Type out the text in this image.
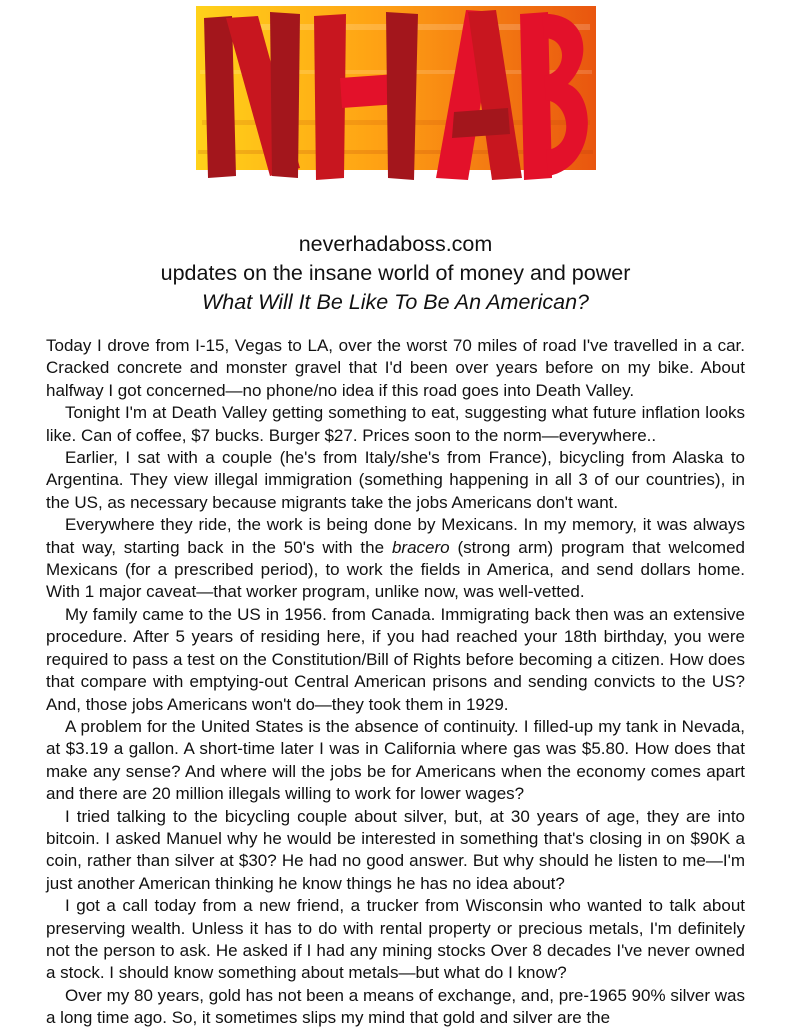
neverhadaboss.com
updates on the insane world of money and power
What Will It Be Like To Be An American?

Today I drove from I-15, Vegas to LA, over the worst 70 miles of road I've travelled in a car. Cracked concrete and monster gravel that I'd been over years before on my bike. About halfway I got concerned—no phone/no idea if this road goes into Death Valley.

Tonight I'm at Death Valley getting something to eat, suggesting what future inflation looks like. Can of coffee, $7 bucks. Burger $27. Prices soon to the norm—everywhere..

Earlier, I sat with a couple (he's from Italy/she's from France), bicycling from Alaska to Argentina. They view illegal immigration (something happening in all 3 of our countries), in the US, as necessary because migrants take the jobs Americans don't want.

Everywhere they ride, the work is being done by Mexicans. In my memory, it was always that way, starting back in the 50's with the bracero (strong arm) program that welcomed Mexicans (for a prescribed period), to work the fields in America, and send dollars home. With 1 major caveat—that worker program, unlike now, was well-vetted.

My family came to the US in 1956. from Canada. Immigrating back then was an extensive procedure. After 5 years of residing here, if you had reached your 18th birthday, you were required to pass a test on the Constitution/Bill of Rights before becoming a citizen. How does that compare with emptying-out Central American prisons and sending convicts to the US? And, those jobs Americans won't do—they took them in 1929.

A problem for the United States is the absence of continuity. I filled-up my tank in Nevada, at $3.19 a gallon. A short-time later I was in California where gas was $5.80. How does that make any sense? And where will the jobs be for Americans when the economy comes apart and there are 20 million illegals willing to work for lower wages?

I tried talking to the bicycling couple about silver, but, at 30 years of age, they are into bitcoin. I asked Manuel why he would be interested in something that's closing in on $90K a coin, rather than silver at $30? He had no good answer. But why should he listen to me—I'm just another American thinking he know things he has no idea about?

I got a call today from a new friend, a trucker from Wisconsin who wanted to talk about preserving wealth. Unless it has to do with rental property or precious metals, I'm definitely not the person to ask. He asked if I had any mining stocks Over 8 decades I've never owned a stock. I should know something about metals—but what do I know?

Over my 80 years, gold has not been a means of exchange, and, pre-1965 90% silver was a long time ago. So, it sometimes slips my mind that gold and silver are the
